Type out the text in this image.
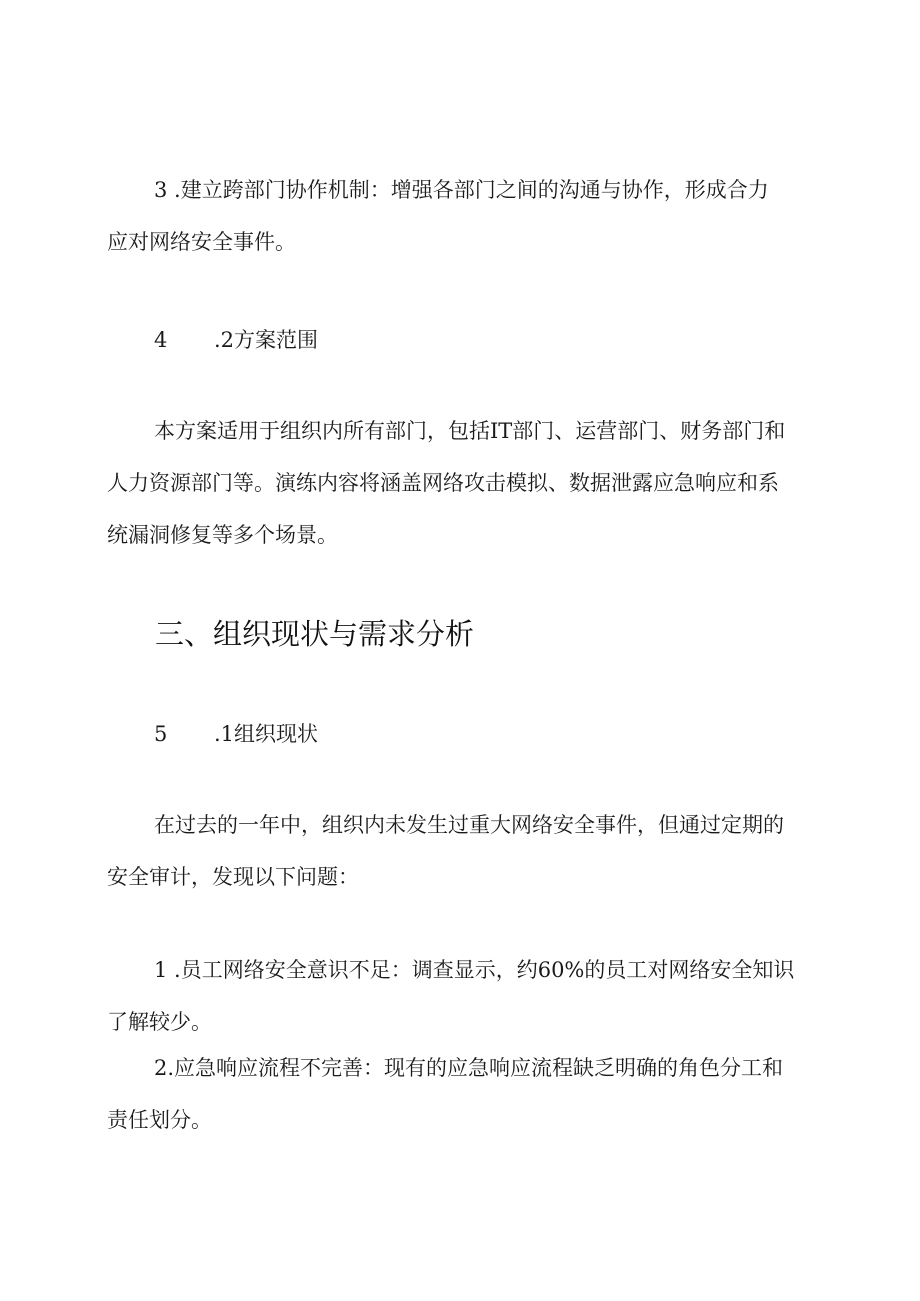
3 .建立跨部门协作机制：增强各部门之间的沟通与协作，形成合力
应对网络安全事件。
4 .2方案范围
本方案适用于组织内所有部门，包括IT部门、运营部门、财务部门和
人力资源部门等。演练内容将涵盖网络攻击模拟、数据泄露应急响应和系
统漏洞修复等多个场景。
三、组织现状与需求分析
5 .1组织现状
在过去的一年中，组织内未发生过重大网络安全事件，但通过定期的
安全审计，发现以下问题：
1 .员工网络安全意识不足：调查显示，约60%的员工对网络安全知识
了解较少。
2.应急响应流程不完善：现有的应急响应流程缺乏明确的角色分工和
责任划分。
